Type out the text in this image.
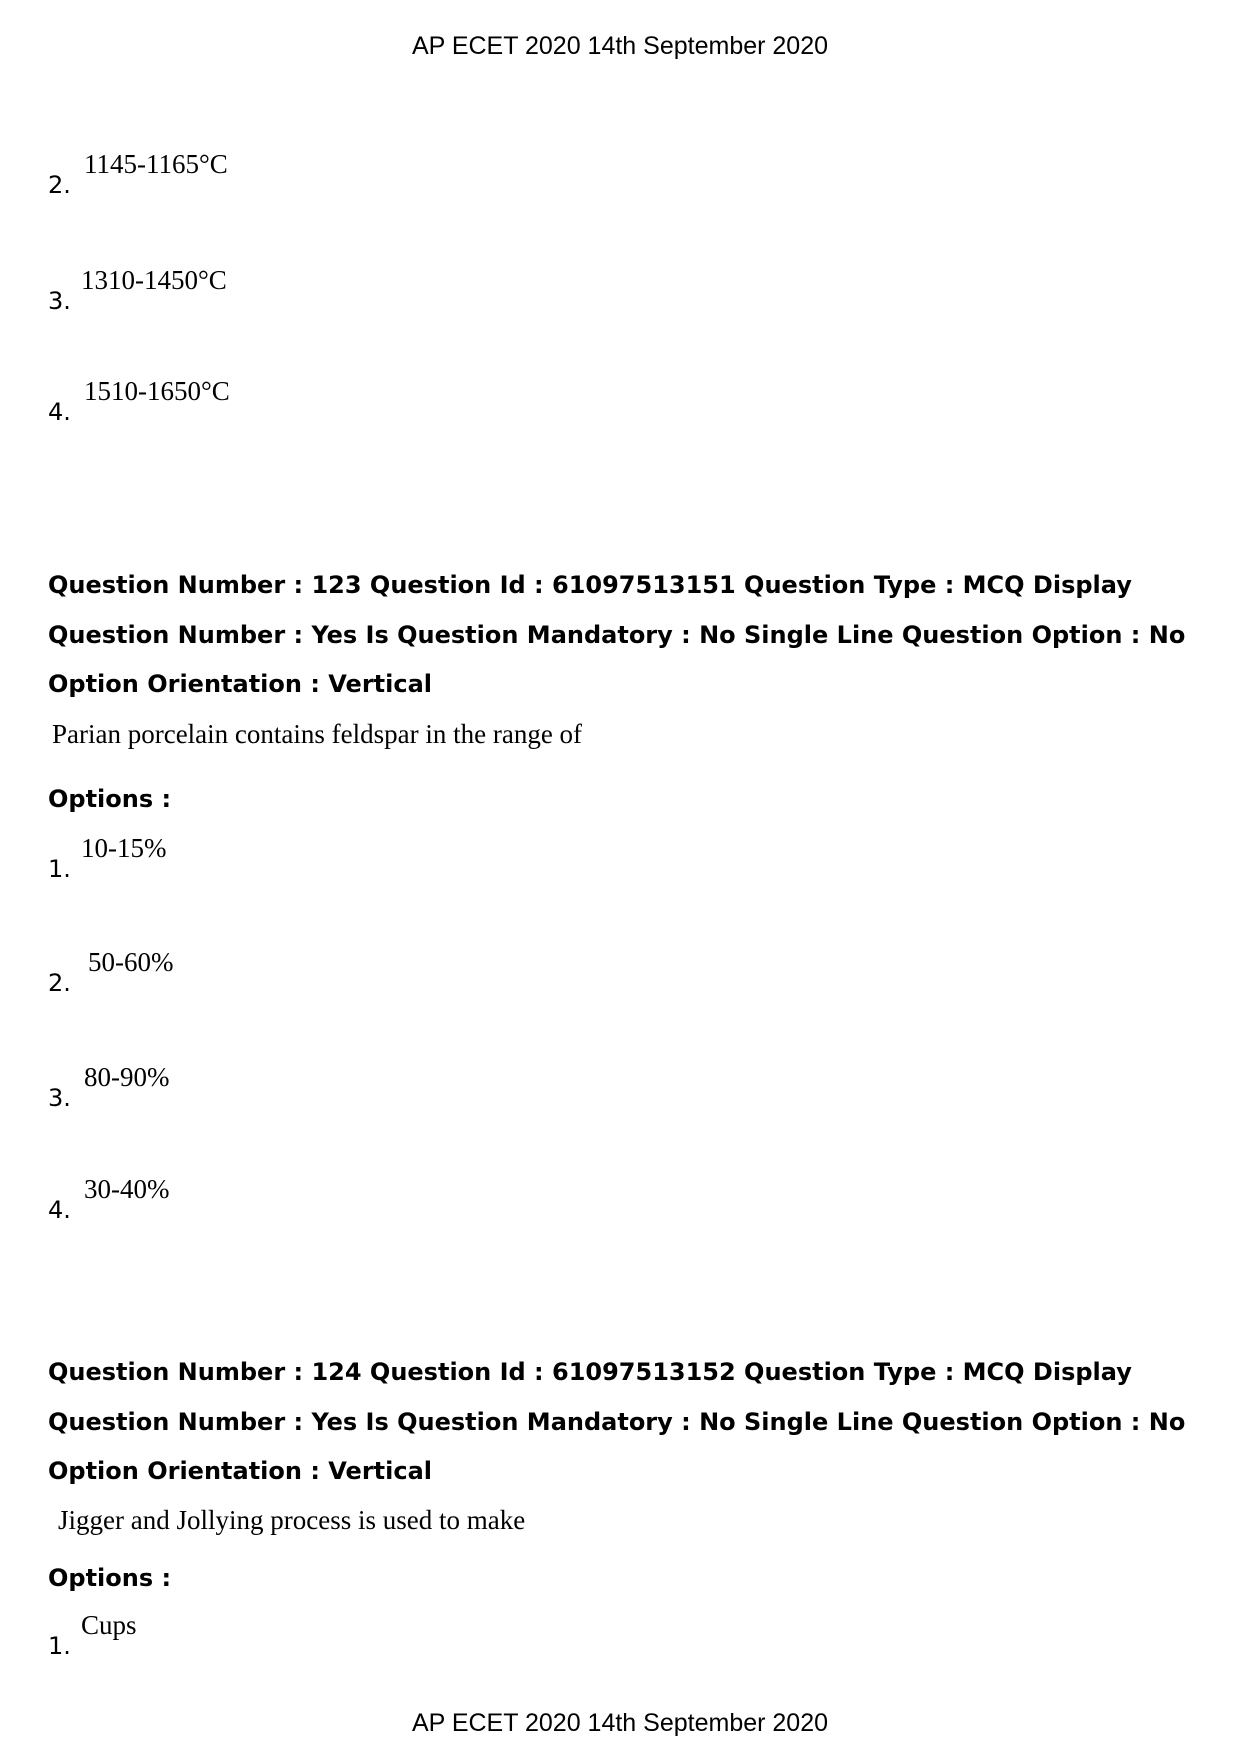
AP ECET 2020 14th September 2020
2.
1145-1165°C
3.
1310-1450°C
4.
1510-1650°C
Question Number : 123 Question Id : 61097513151 Question Type : MCQ Display Question Number : Yes Is Question Mandatory : No Single Line Question Option : No Option Orientation : Vertical
Parian porcelain contains feldspar in the range of
Options :
1.
10-15%
2.
50-60%
3.
80-90%
4.
30-40%
Question Number : 124 Question Id : 61097513152 Question Type : MCQ Display Question Number : Yes Is Question Mandatory : No Single Line Question Option : No Option Orientation : Vertical
Jigger and Jollying process is used to make
Options :
1.
Cups
AP ECET 2020 14th September 2020
